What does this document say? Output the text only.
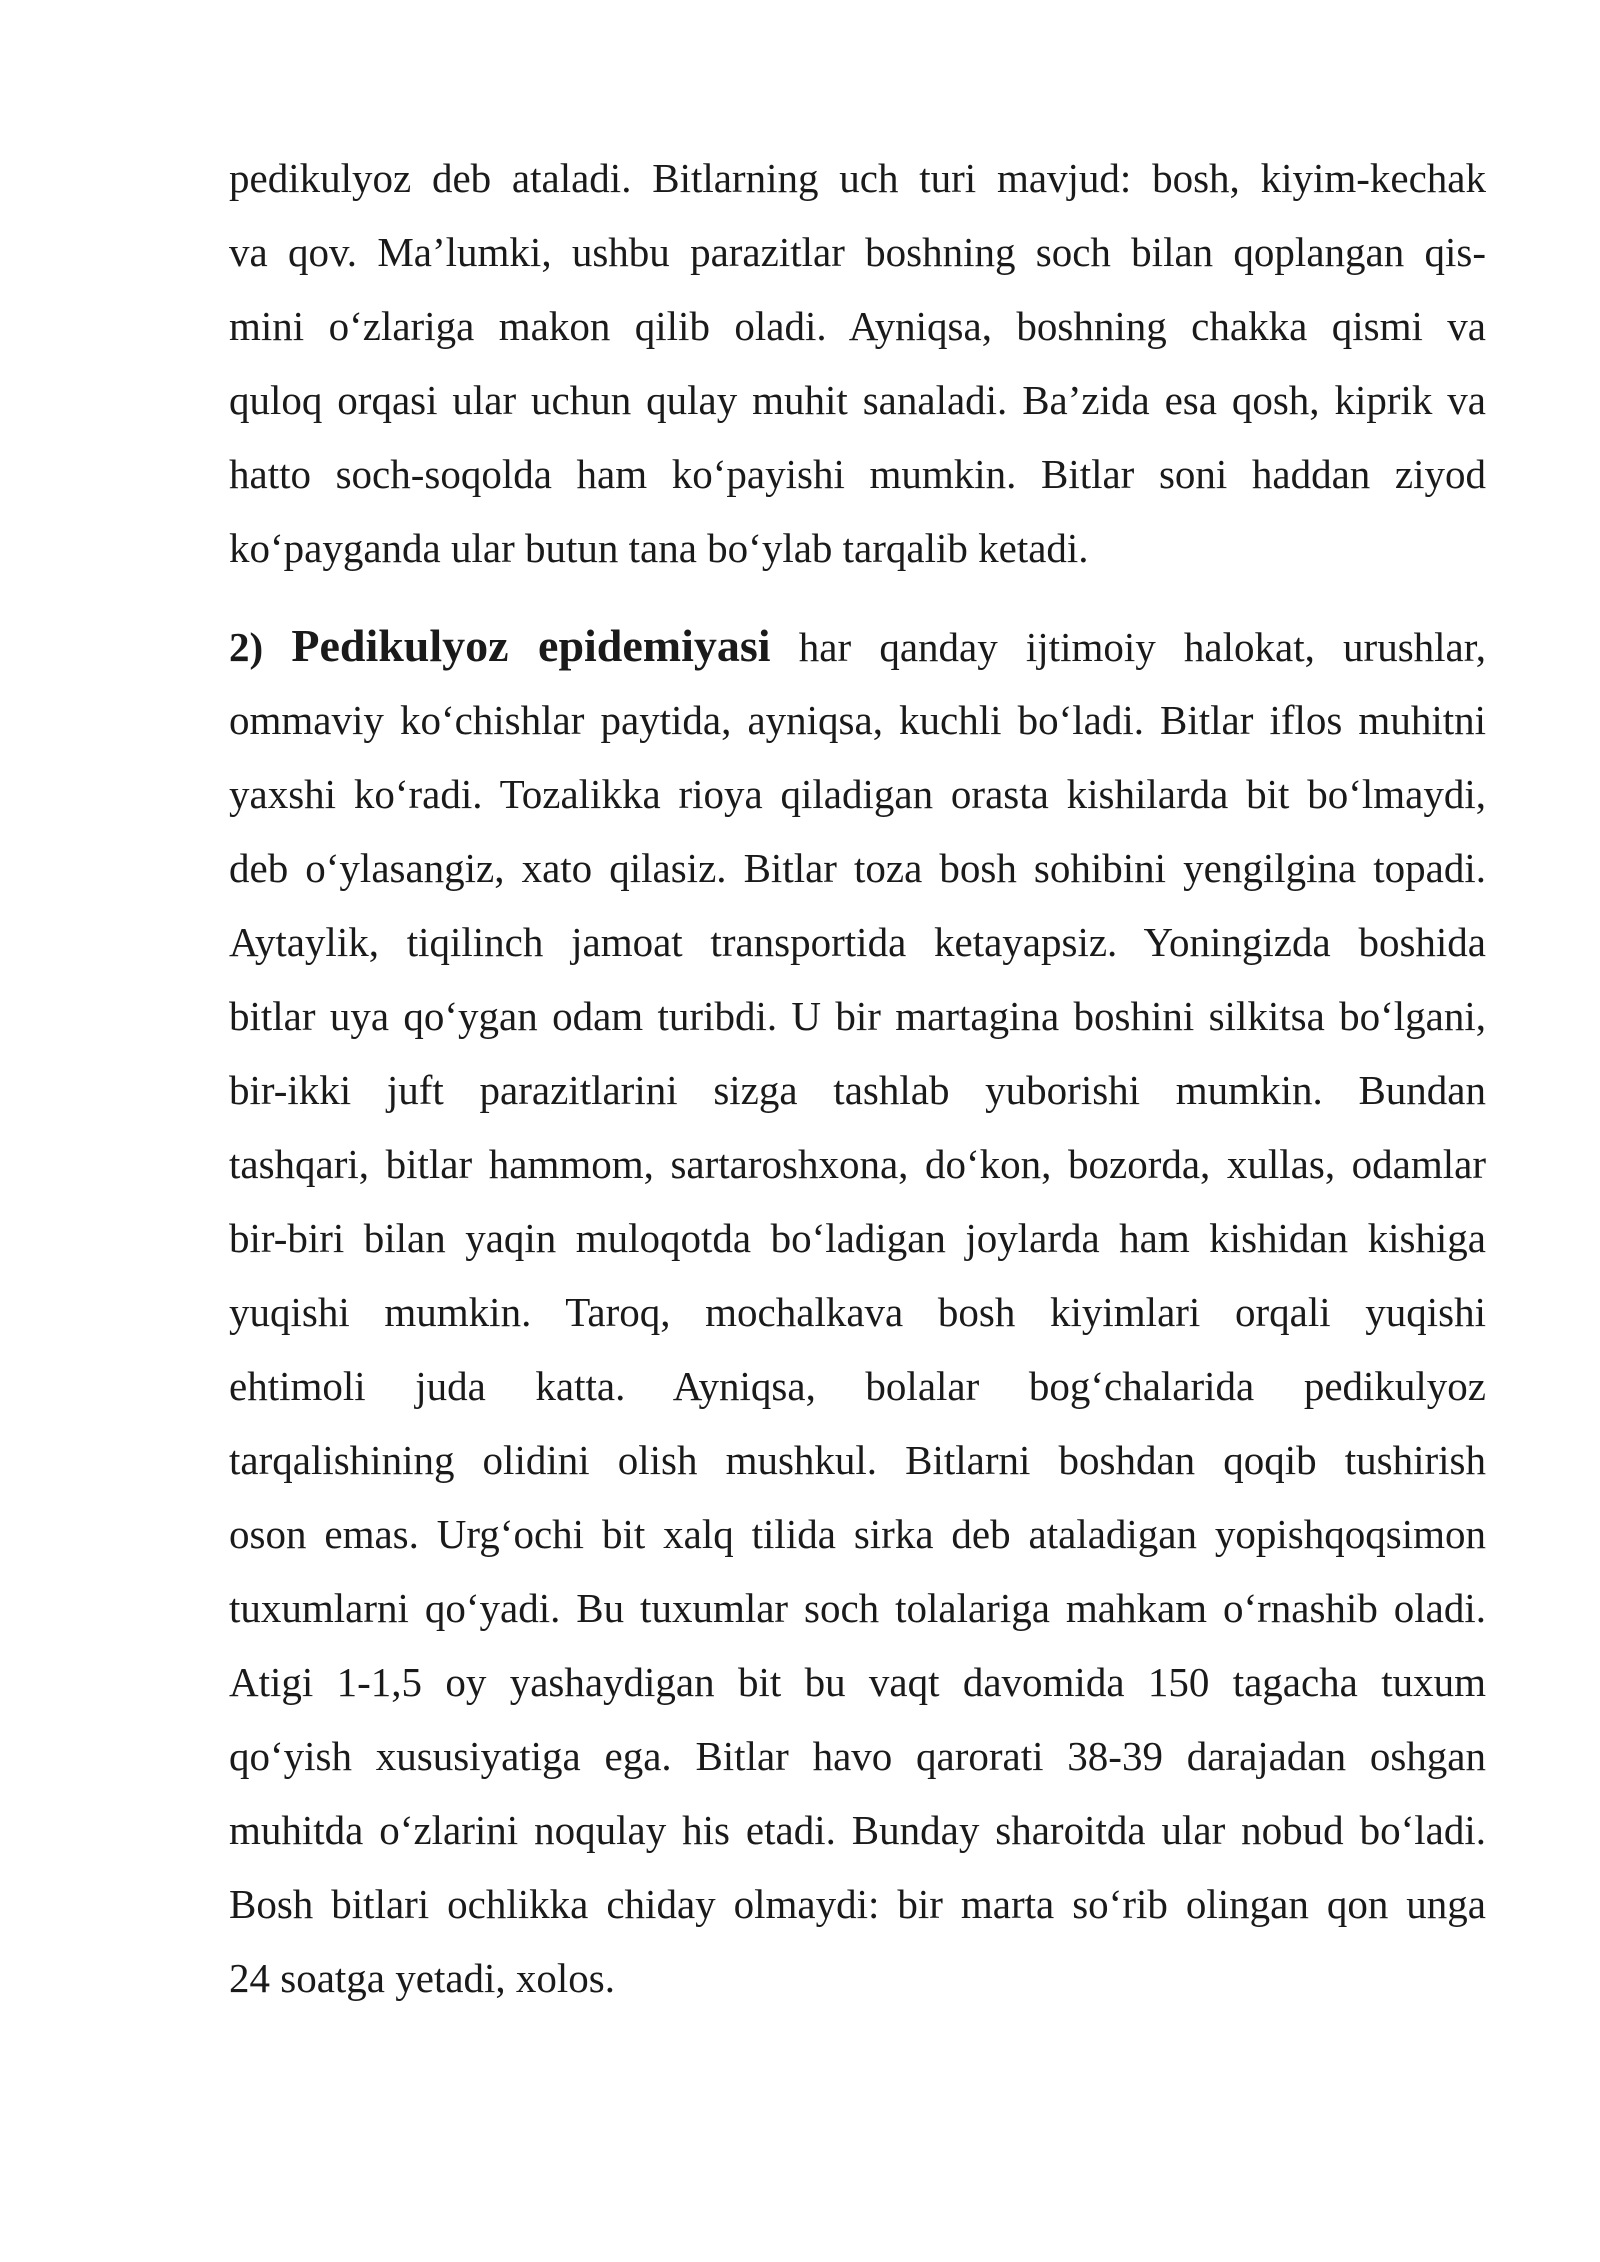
pedikulyoz deb ataladi. Bitlarning uch turi mavjud: bosh, kiyim-kechak
va qov. Ma’lumki, ushbu parazitlar boshning soch bilan qoplangan qis-
mini o‘zlariga makon qilib oladi. Ayniqsa, boshning chakka qismi va
quloq orqasi ular uchun qulay muhit sanaladi. Ba’zida esa qosh, kiprik va
hatto soch-soqolda ham ko‘payishi mumkin. Bitlar soni haddan ziyod
ko‘payganda ular butun tana bo‘ylab tarqalib ketadi.
2) Pedikulyoz epidemiyasi har qanday ijtimoiy halokat, urushlar,
ommaviy ko‘chishlar paytida, ayniqsa, kuchli bo‘ladi. Bitlar iflos muhitni
yaxshi ko‘radi. Tozalikka rioya qiladigan orasta kishilarda bit bo‘lmaydi,
deb o‘ylasangiz, xato qilasiz. Bitlar toza bosh sohibini yengilgina topadi.
Aytaylik, tiqilinch jamoat transportida ketayapsiz. Yoningizda boshida
bitlar uya qo‘ygan odam turibdi. U bir martagina boshini silkitsa bo‘lgani,
bir-ikki juft parazitlarini sizga tashlab yuborishi mumkin. Bundan
tashqari, bitlar hammom, sartaroshxona, do‘kon, bozorda, xullas, odamlar
bir-biri bilan yaqin muloqotda bo‘ladigan joylarda ham kishidan kishiga
yuqishi mumkin. Taroq, mochalkava bosh kiyimlari orqali yuqishi
ehtimoli juda katta. Ayniqsa, bolalar bog‘chalarida pedikulyoz
tarqalishining olidini olish mushkul. Bitlarni boshdan qoqib tushirish
oson emas. Urg‘ochi bit xalq tilida sirka deb ataladigan yopishqoqsimon
tuxumlarni qo‘yadi. Bu tuxumlar soch tolalariga mahkam o‘rnashib oladi.
Atigi 1-1,5 oy yashaydigan bit bu vaqt davomida 150 tagacha tuxum
qo‘yish xususiyatiga ega. Bitlar havo qarorati 38-39 darajadan oshgan
muhitda o‘zlarini noqulay his etadi. Bunday sharoitda ular nobud bo‘ladi.
Bosh bitlari ochlikka chiday olmaydi: bir marta so‘rib olingan qon unga
24 soatga yetadi, xolos.
